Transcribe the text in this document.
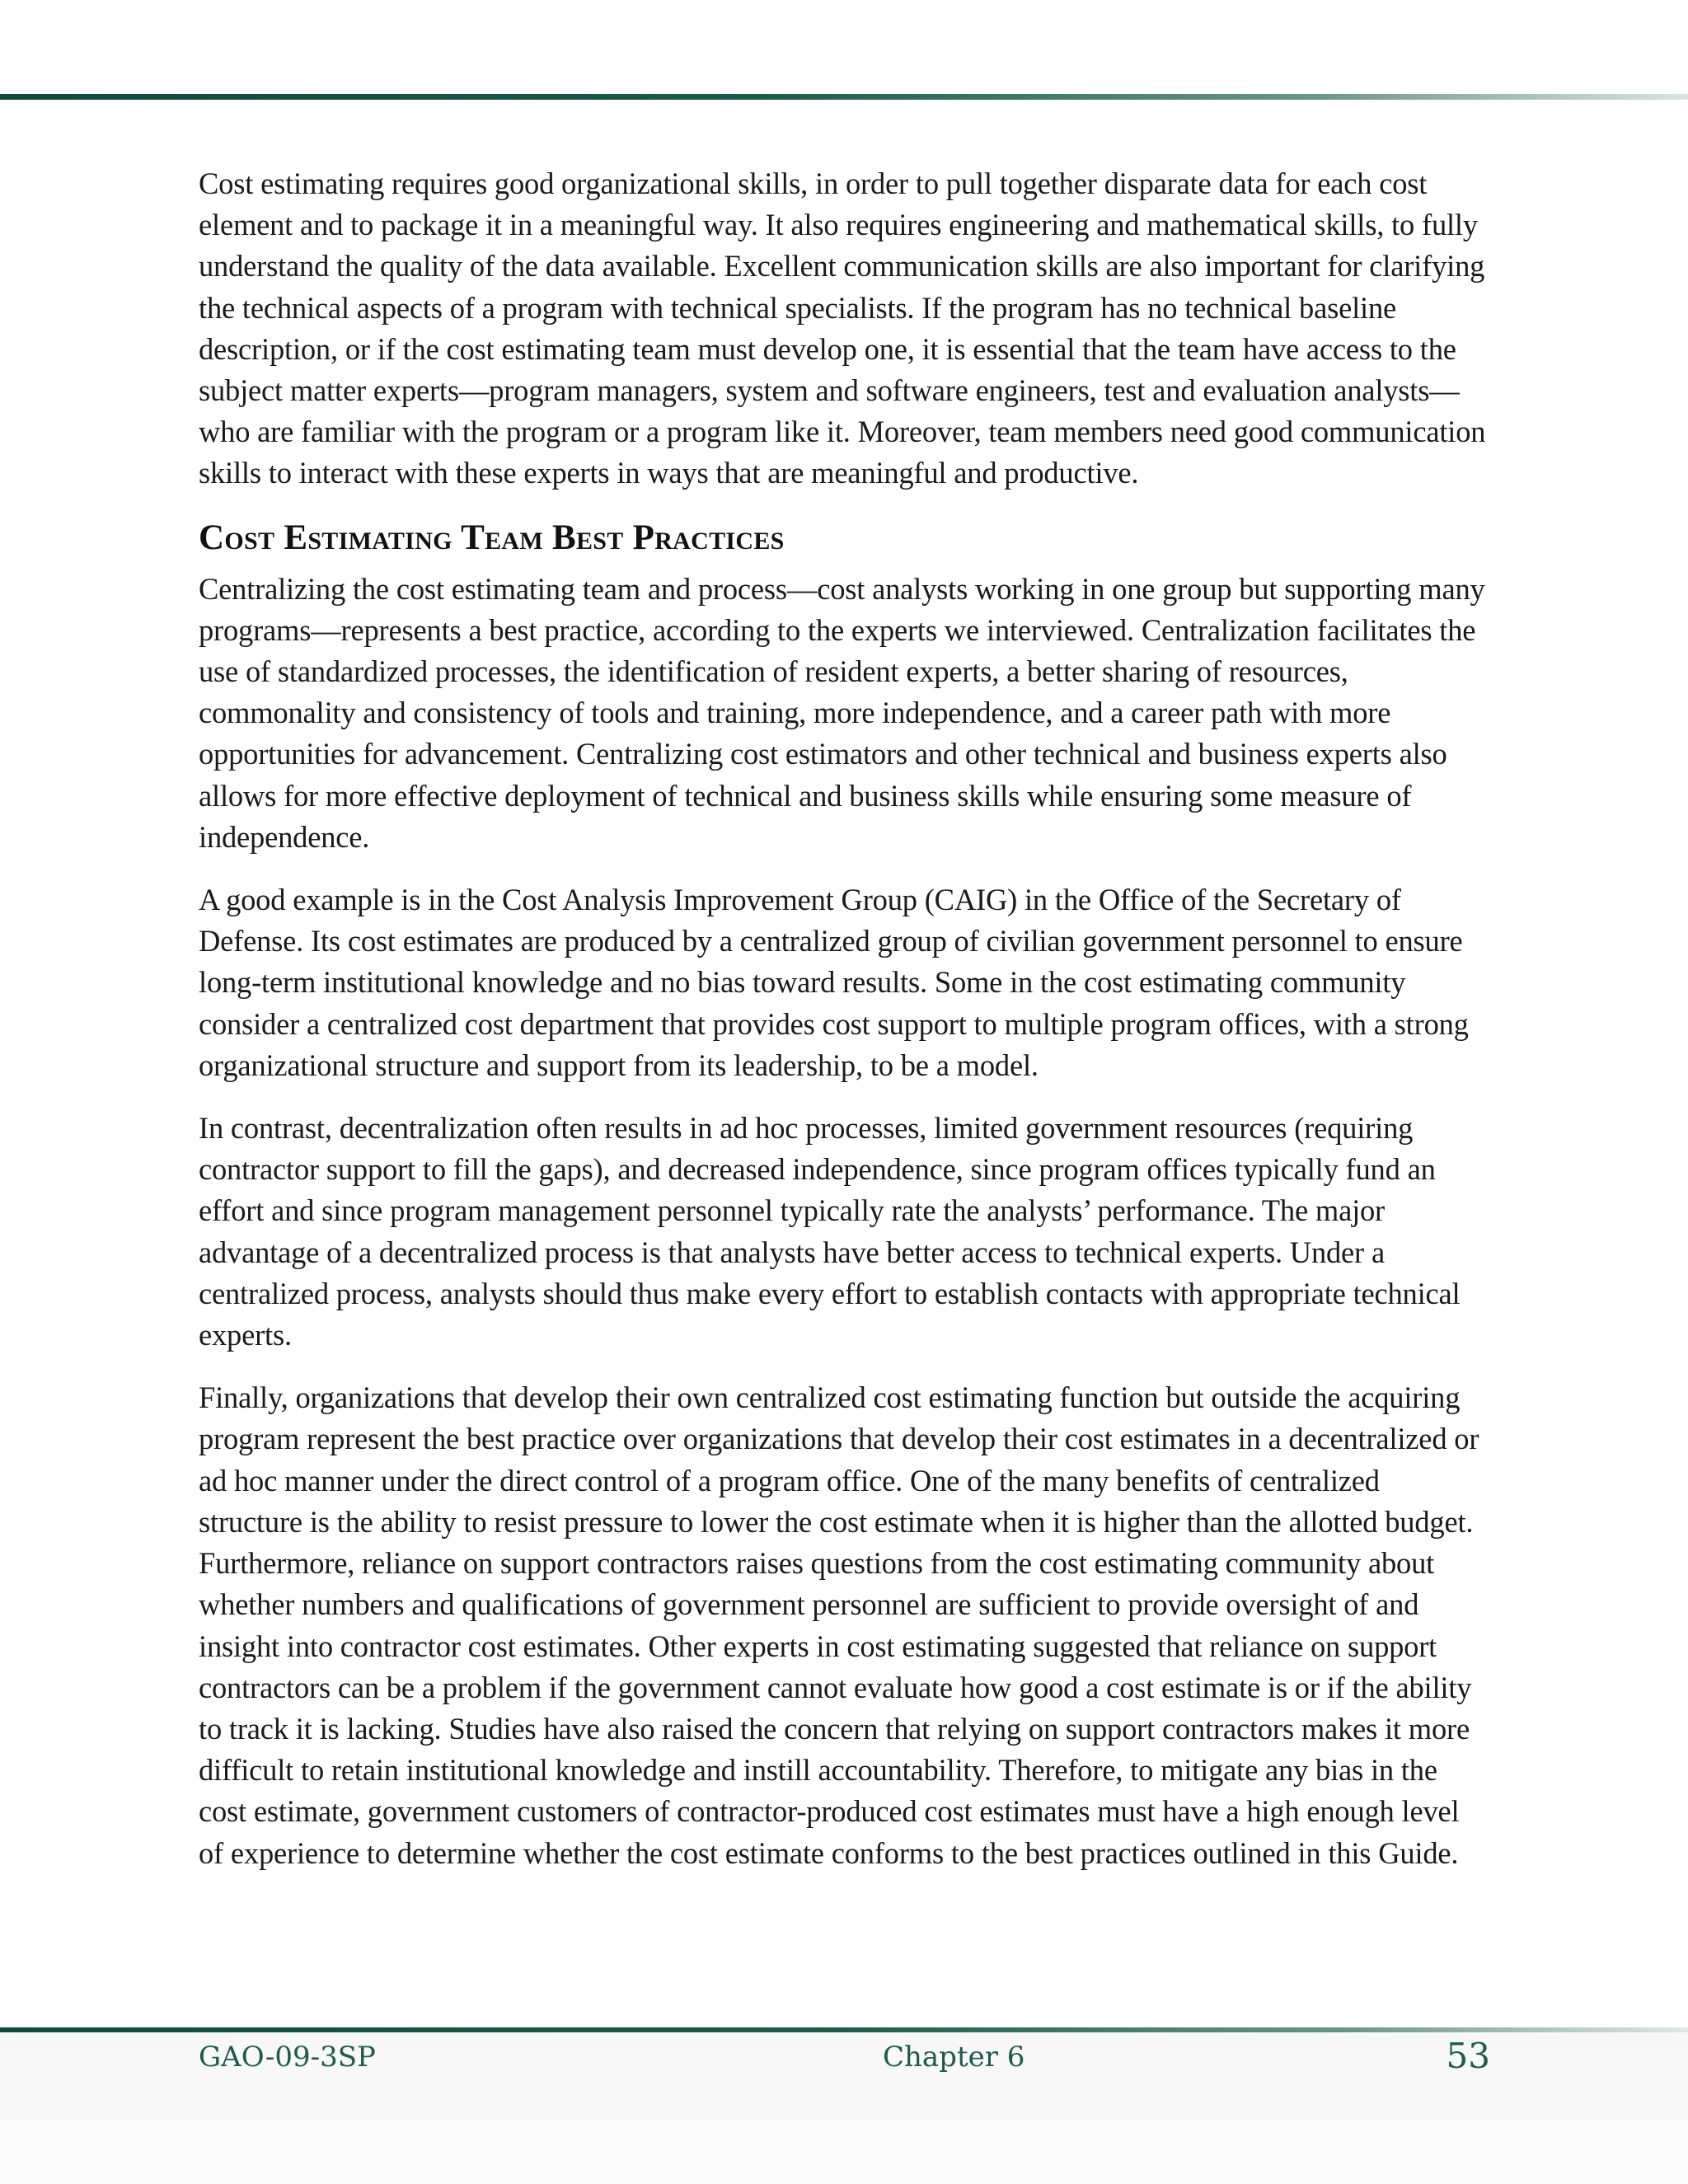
Cost estimating requires good organizational skills, in order to pull together disparate data for each cost element and to package it in a meaningful way. It also requires engineering and mathematical skills, to fully understand the quality of the data available. Excellent communication skills are also important for clarifying the technical aspects of a program with technical specialists. If the program has no technical baseline description, or if the cost estimating team must develop one, it is essential that the team have access to the subject matter experts—program managers, system and software engineers, test and evaluation analysts—who are familiar with the program or a program like it. Moreover, team members need good communication skills to interact with these experts in ways that are meaningful and productive.

Cost Estimating Team Best Practices

Centralizing the cost estimating team and process—cost analysts working in one group but supporting many programs—represents a best practice, according to the experts we interviewed. Centralization facilitates the use of standardized processes, the identification of resident experts, a better sharing of resources, commonality and consistency of tools and training, more independence, and a career path with more opportunities for advancement. Centralizing cost estimators and other technical and business experts also allows for more effective deployment of technical and business skills while ensuring some measure of independence.

A good example is in the Cost Analysis Improvement Group (CAIG) in the Office of the Secretary of Defense. Its cost estimates are produced by a centralized group of civilian government personnel to ensure long-term institutional knowledge and no bias toward results. Some in the cost estimating community consider a centralized cost department that provides cost support to multiple program offices, with a strong organizational structure and support from its leadership, to be a model.

In contrast, decentralization often results in ad hoc processes, limited government resources (requiring contractor support to fill the gaps), and decreased independence, since program offices typically fund an effort and since program management personnel typically rate the analysts’ performance. The major advantage of a decentralized process is that analysts have better access to technical experts. Under a centralized process, analysts should thus make every effort to establish contacts with appropriate technical experts.

Finally, organizations that develop their own centralized cost estimating function but outside the acquiring program represent the best practice over organizations that develop their cost estimates in a decentralized or ad hoc manner under the direct control of a program office. One of the many benefits of centralized structure is the ability to resist pressure to lower the cost estimate when it is higher than the allotted budget. Furthermore, reliance on support contractors raises questions from the cost estimating community about whether numbers and qualifications of government personnel are sufficient to provide oversight of and insight into contractor cost estimates. Other experts in cost estimating suggested that reliance on support contractors can be a problem if the government cannot evaluate how good a cost estimate is or if the ability to track it is lacking. Studies have also raised the concern that relying on support contractors makes it more difficult to retain institutional knowledge and instill accountability. Therefore, to mitigate any bias in the cost estimate, government customers of contractor-produced cost estimates must have a high enough level of experience to determine whether the cost estimate conforms to the best practices outlined in this Guide.

GAO-09-3SP	Chapter 6	53
